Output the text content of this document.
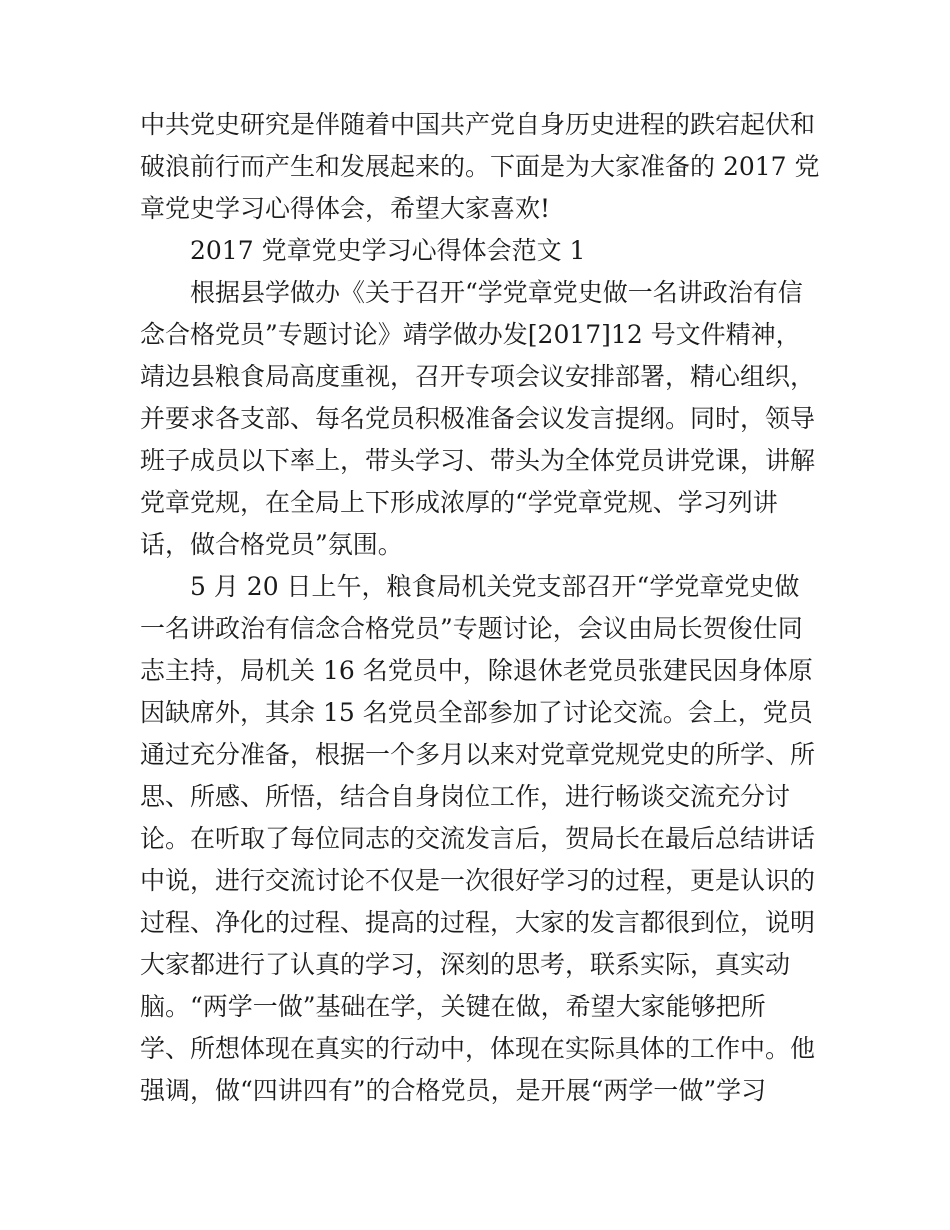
中共党史研究是伴随着中国共产党自身历史进程的跌宕起伏和
破浪前行而产生和发展起来的。下面是为大家准备的 2017 党
章党史学习心得体会，希望大家喜欢!
2017 党章党史学习心得体会范文 1
根据县学做办《关于召开“学党章党史做一名讲政治有信
念合格党员”专题讨论》靖学做办发[2017]12 号文件精神，
靖边县粮食局高度重视，召开专项会议安排部署，精心组织，
并要求各支部、每名党员积极准备会议发言提纲。同时，领导
班子成员以下率上，带头学习、带头为全体党员讲党课，讲解
党章党规，在全局上下形成浓厚的“学党章党规、学习列讲
话，做合格党员”氛围。
5 月 20 日上午，粮食局机关党支部召开“学党章党史做
一名讲政治有信念合格党员”专题讨论，会议由局长贺俊仕同
志主持，局机关 16 名党员中，除退休老党员张建民因身体原
因缺席外，其余 15 名党员全部参加了讨论交流。会上，党员
通过充分准备，根据一个多月以来对党章党规党史的所学、所
思、所感、所悟，结合自身岗位工作，进行畅谈交流充分讨
论。在听取了每位同志的交流发言后，贺局长在最后总结讲话
中说，进行交流讨论不仅是一次很好学习的过程，更是认识的
过程、净化的过程、提高的过程，大家的发言都很到位，说明
大家都进行了认真的学习，深刻的思考，联系实际，真实动
脑。“两学一做”基础在学，关键在做，希望大家能够把所
学、所想体现在真实的行动中，体现在实际具体的工作中。他
强调，做“四讲四有”的合格党员，是开展“两学一做”学习
